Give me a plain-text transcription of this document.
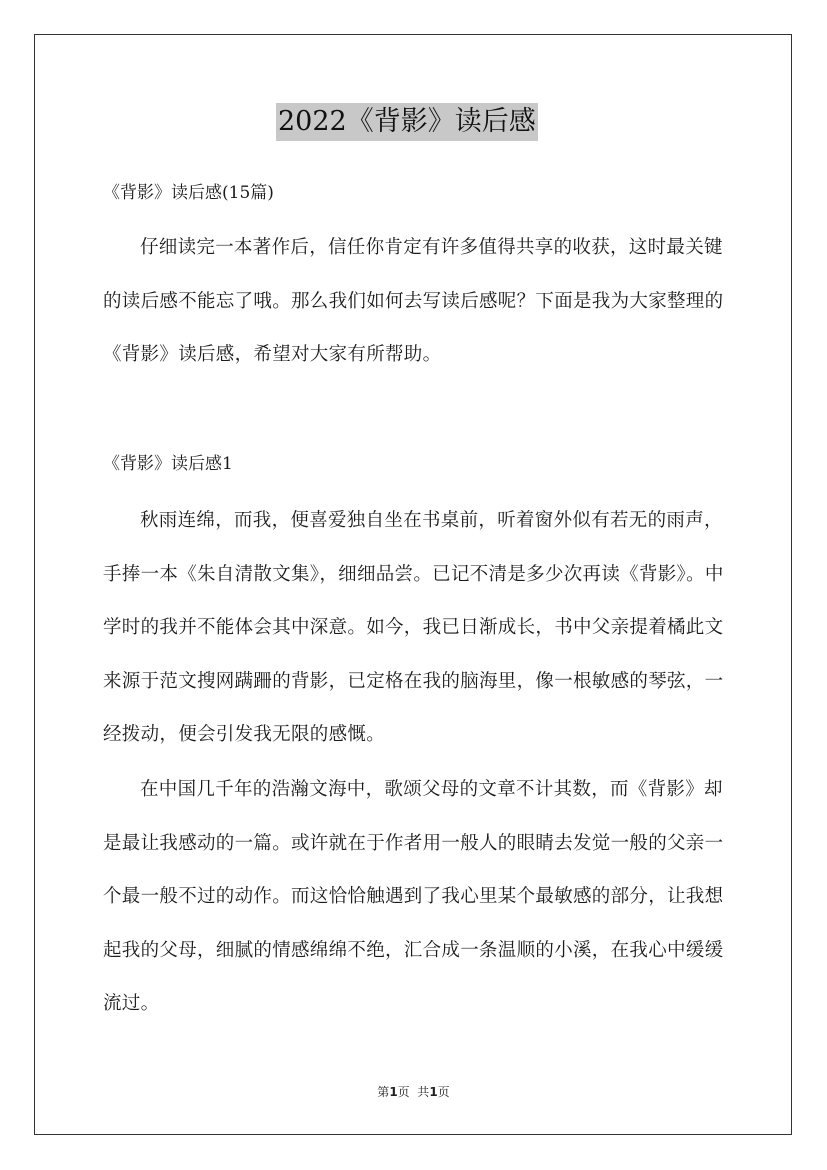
2022《背影》读后感
《背影》读后感(15篇)

仔细读完一本著作后，信任你肯定有许多值得共享的收获，这时最关键的读后感不能忘了哦。那么我们如何去写读后感呢？下面是我为大家整理的《背影》读后感，希望对大家有所帮助。

《背影》读后感1

秋雨连绵，而我，便喜爱独自坐在书桌前，听着窗外似有若无的雨声，手捧一本《朱自清散文集》，细细品尝。已记不清是多少次再读《背影》。中学时的我并不能体会其中深意。如今，我已日渐成长，书中父亲提着橘此文来源于范文搜网蹒跚的背影，已定格在我的脑海里，像一根敏感的琴弦，一经拨动，便会引发我无限的感慨。

在中国几千年的浩瀚文海中，歌颂父母的文章不计其数，而《背影》却是最让我感动的一篇。或许就在于作者用一般人的眼睛去发觉一般的父亲一个最一般不过的动作。而这恰恰触遇到了我心里某个最敏感的部分，让我想起我的父母，细腻的情感绵绵不绝，汇合成一条温顺的小溪，在我心中缓缓流过。

第1页  共1页
